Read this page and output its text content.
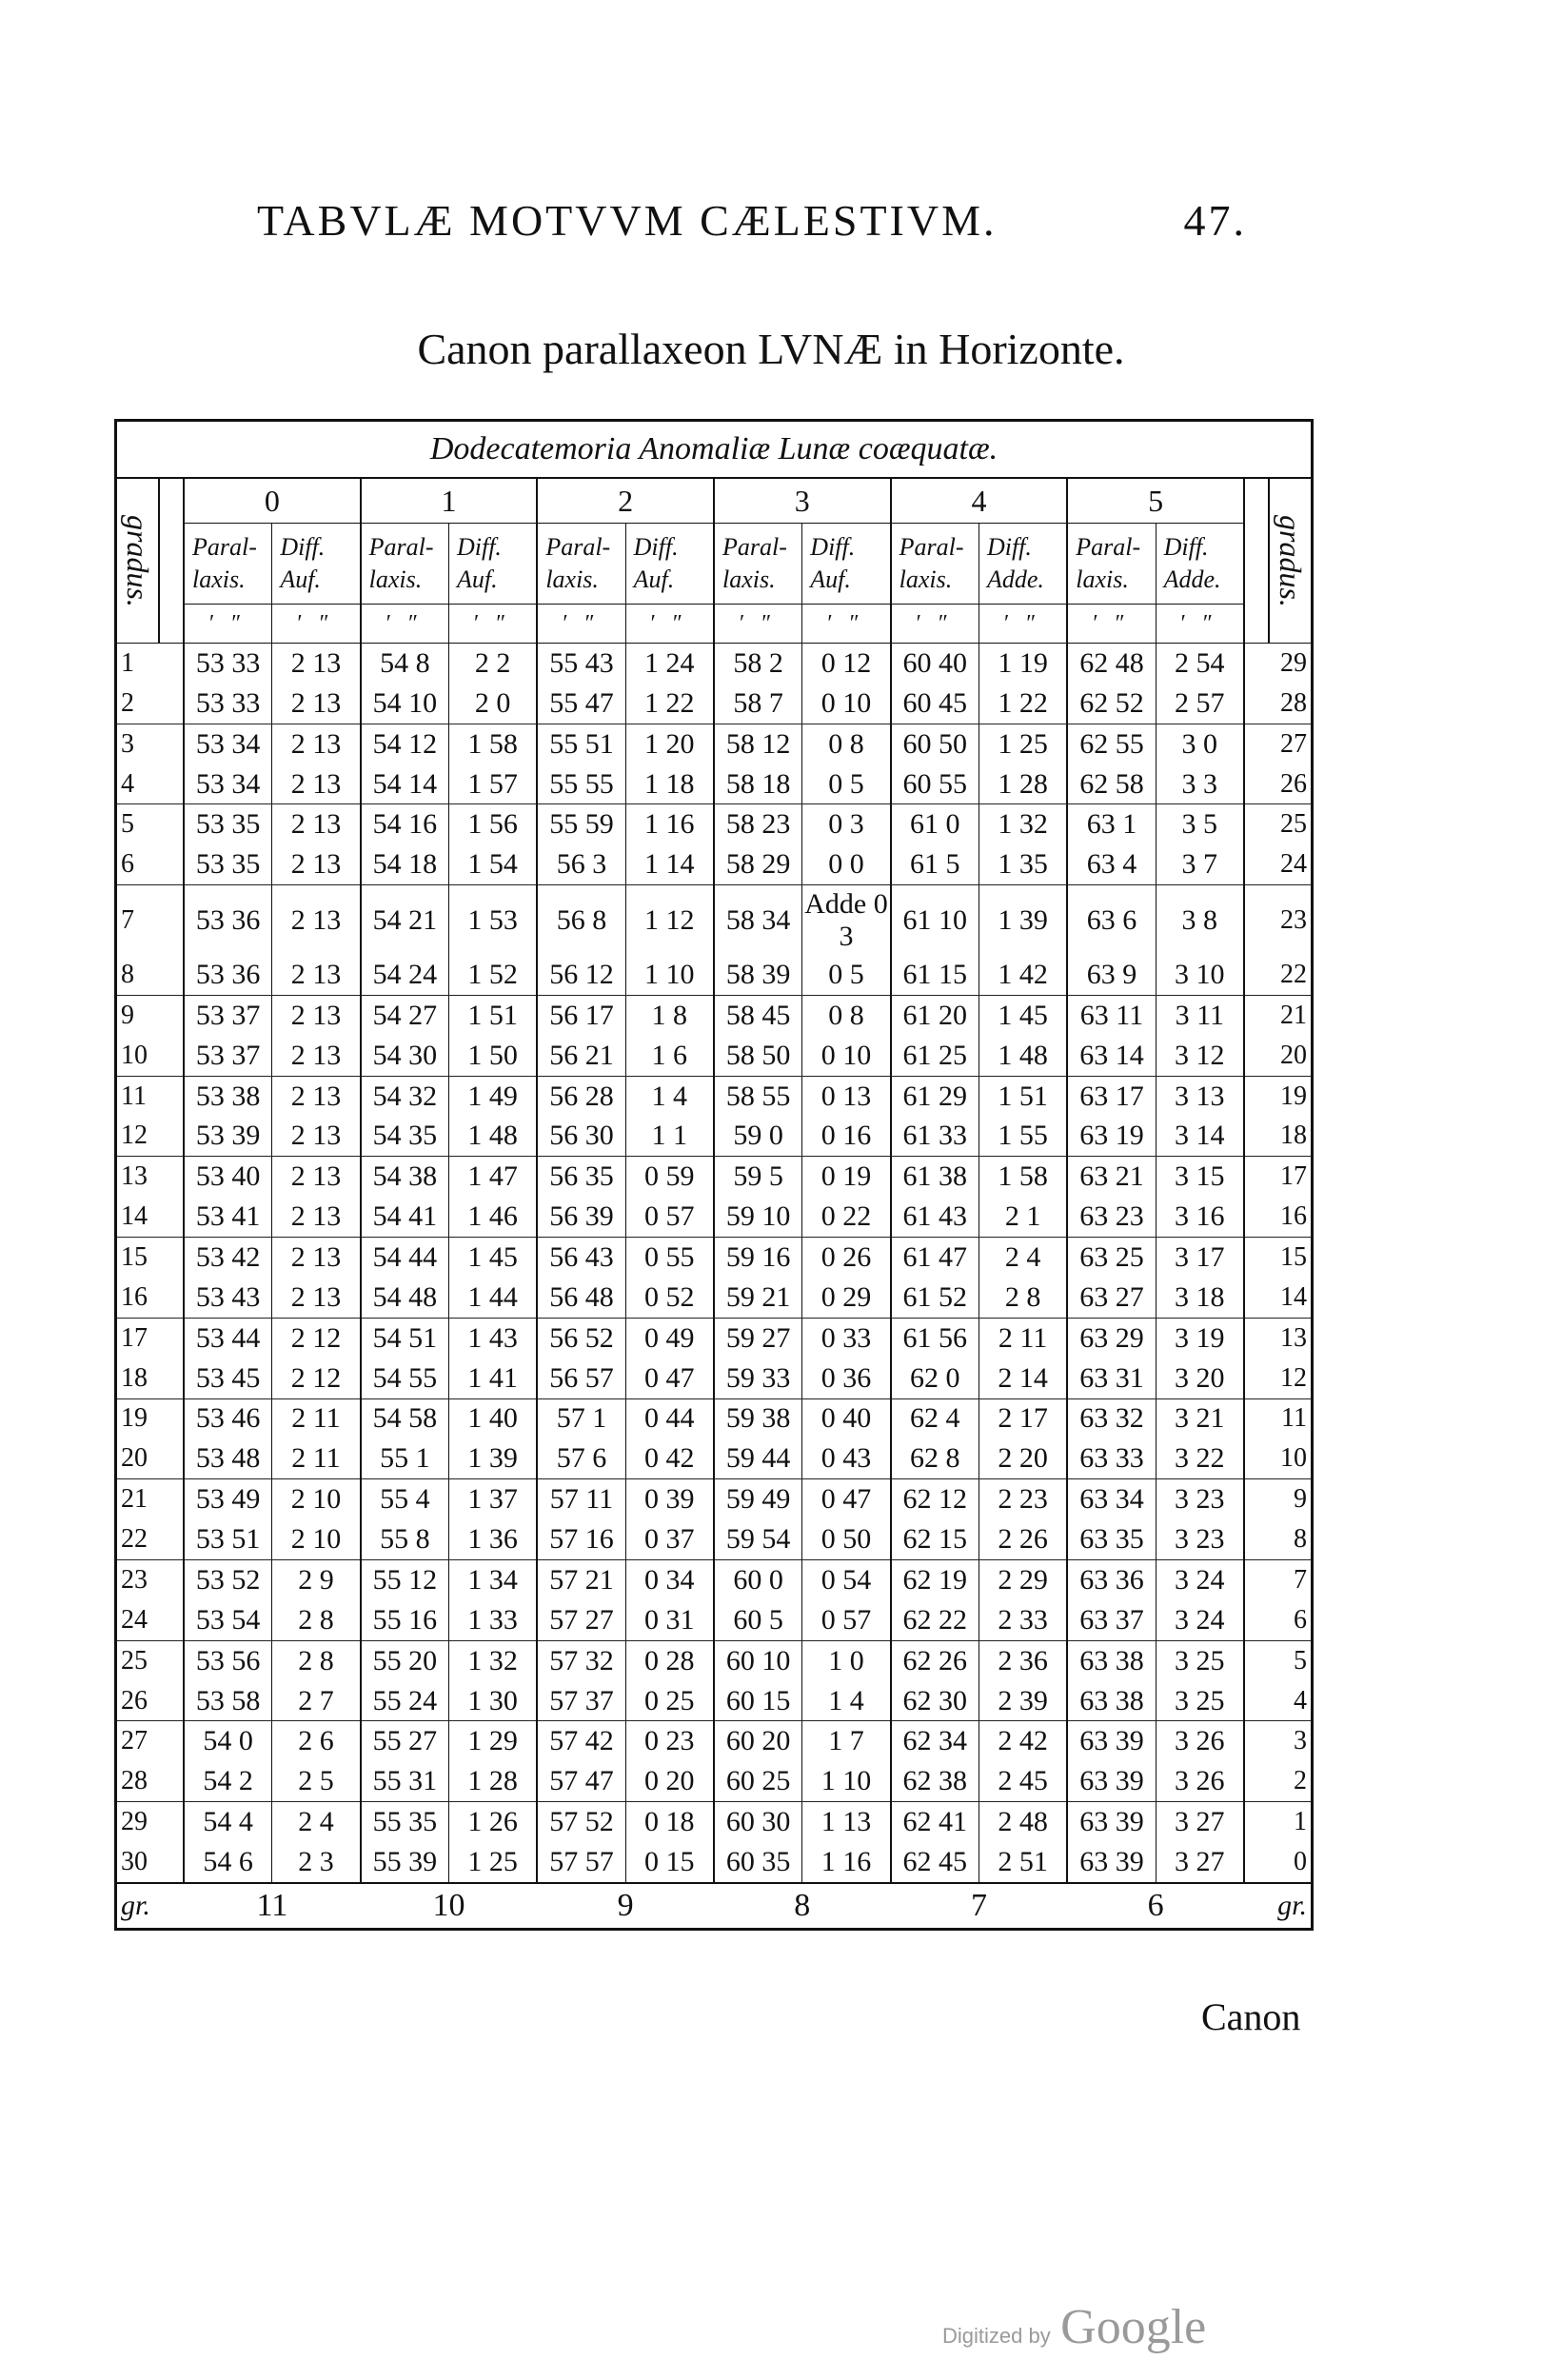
TABVLÆ MOTVVM CÆLESTIVM.	47.
Canon parallaxeon LVNÆ in Horizonte.
Dodecatemoria Anomaliæ Lunæ coæquatæ.															
gradus.		0		1		2		3		4		5			gradus.
		Paral-laxis.	Diff. Auf.	Paral-laxis.	Diff. Auf.	Paral-laxis.	Diff. Auf.	Paral-laxis.	Diff. Auf.	Paral-laxis.	Diff. Adde.	Paral-laxis.	Diff. Adde.		
		′ ″	′ ″	′ ″	′ ″	′ ″	′ ″	′ ″	′ ″	′ ″	′ ″	′ ″	′ ″		
1		53 33	2 13	54 8	2 2	55 43	1 24	58 2	0 12	60 40	1 19	62 48	2 54	29	
2		53 33	2 13	54 10	2 0	55 47	1 22	58 7	0 10	60 45	1 22	62 52	2 57	28	
3		53 34	2 13	54 12	1 58	55 51	1 20	58 12	0 8	60 50	1 25	62 55	3 0	27	
4		53 34	2 13	54 14	1 57	55 55	1 18	58 18	0 5	60 55	1 28	62 58	3 3	26	
5		53 35	2 13	54 16	1 56	55 59	1 16	58 23	0 3	61 0	1 32	63 1	3 5	25	
6		53 35	2 13	54 18	1 54	56 3	1 14	58 29	0 0	61 5	1 35	63 4	3 7	24	
7		53 36	2 13	54 21	1 53	56 8	1 12	58 34	Adde 0 3	61 10	1 39	63 6	3 8	23	
8		53 36	2 13	54 24	1 52	56 12	1 10	58 39	0 5	61 15	1 42	63 9	3 10	22	
9		53 37	2 13	54 27	1 51	56 17	1 8	58 45	0 8	61 20	1 45	63 11	3 11	21	
10		53 37	2 13	54 30	1 50	56 21	1 6	58 50	0 10	61 25	1 48	63 14	3 12	20	
11		53 38	2 13	54 32	1 49	56 28	1 4	58 55	0 13	61 29	1 51	63 17	3 13	19	
12		53 39	2 13	54 35	1 48	56 30	1 1	59 0	0 16	61 33	1 55	63 19	3 14	18	
13		53 40	2 13	54 38	1 47	56 35	0 59	59 5	0 19	61 38	1 58	63 21	3 15	17	
14		53 41	2 13	54 41	1 46	56 39	0 57	59 10	0 22	61 43	2 1	63 23	3 16	16	
15		53 42	2 13	54 44	1 45	56 43	0 55	59 16	0 26	61 47	2 4	63 25	3 17	15	
16		53 43	2 13	54 48	1 44	56 48	0 52	59 21	0 29	61 52	2 8	63 27	3 18	14	
17		53 44	2 12	54 51	1 43	56 52	0 49	59 27	0 33	61 56	2 11	63 29	3 19	13	
18		53 45	2 12	54 55	1 41	56 57	0 47	59 33	0 36	62 0	2 14	63 31	3 20	12	
19		53 46	2 11	54 58	1 40	57 1	0 44	59 38	0 40	62 4	2 17	63 32	3 21	11	
20		53 48	2 11	55 1	1 39	57 6	0 42	59 44	0 43	62 8	2 20	63 33	3 22	10	
21		53 49	2 10	55 4	1 37	57 11	0 39	59 49	0 47	62 12	2 23	63 34	3 23	9	
22		53 51	2 10	55 8	1 36	57 16	0 37	59 54	0 50	62 15	2 26	63 35	3 23	8	
23		53 52	2 9	55 12	1 34	57 21	0 34	60 0	0 54	62 19	2 29	63 36	3 24	7	
24		53 54	2 8	55 16	1 33	57 27	0 31	60 5	0 57	62 22	2 33	63 37	3 24	6	
25		53 56	2 8	55 20	1 32	57 32	0 28	60 10	1 0	62 26	2 36	63 38	3 25	5	
26		53 58	2 7	55 24	1 30	57 37	0 25	60 15	1 4	62 30	2 39	63 38	3 25	4	
27		54 0	2 6	55 27	1 29	57 42	0 23	60 20	1 7	62 34	2 42	63 39	3 26	3	
28		54 2	2 5	55 31	1 28	57 47	0 20	60 25	1 10	62 38	2 45	63 39	3 26	2	
29		54 4	2 4	55 35	1 26	57 52	0 18	60 30	1 13	62 41	2 48	63 39	3 27	1	
30		54 6	2 3	55 39	1 25	57 57	0 15	60 35	1 16	62 45	2 51	63 39	3 27	0	
gr.		11		10		9		8		7		6		gr.	
Canon
Digitized by Google
